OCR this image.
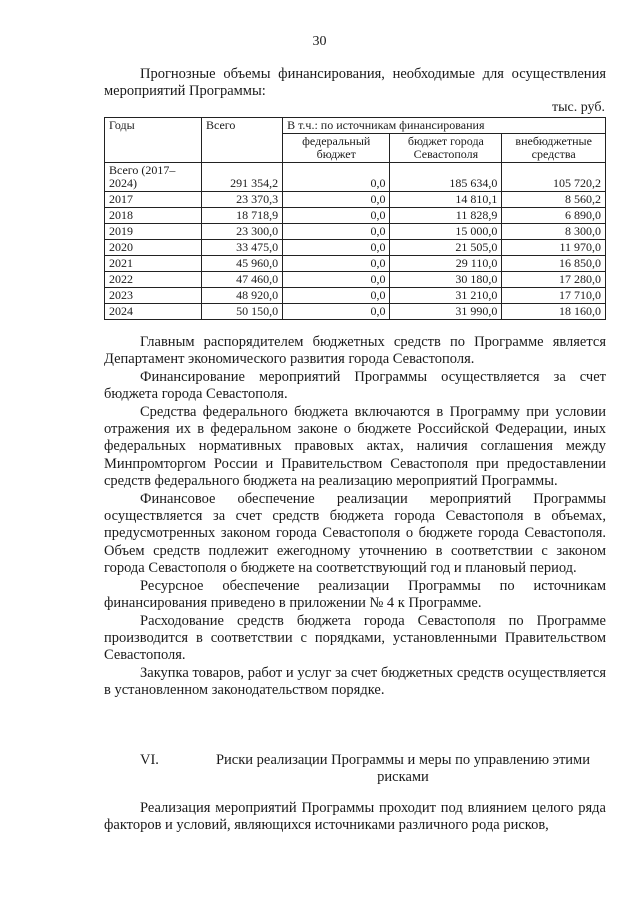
30

Прогнозные объемы финансирования, необходимые для осуществления мероприятий Программы:

тыс. руб.
Годы	Всего	В т.ч.: по источникам финансирования		
		федеральный бюджет	бюджет города Севастополя	внебюджетные средства
Всего (2017–2024)	291 354,2	0,0	185 634,0	105 720,2
2017	23 370,3	0,0	14 810,1	8 560,2
2018	18 718,9	0,0	11 828,9	6 890,0
2019	23 300,0	0,0	15 000,0	8 300,0
2020	33 475,0	0,0	21 505,0	11 970,0
2021	45 960,0	0,0	29 110,0	16 850,0
2022	47 460,0	0,0	30 180,0	17 280,0
2023	48 920,0	0,0	31 210,0	17 710,0
2024	50 150,0	0,0	31 990,0	18 160,0

Главным распорядителем бюджетных средств по Программе является Департамент экономического развития города Севастополя.

Финансирование мероприятий Программы осуществляется за счет бюджета города Севастополя.

Средства федерального бюджета включаются в Программу при условии отражения их в федеральном законе о бюджете Российской Федерации, иных федеральных нормативных правовых актах, наличия соглашения между Минпромторгом России и Правительством Севастополя при предоставлении средств федерального бюджета на реализацию мероприятий Программы.

Финансовое обеспечение реализации мероприятий Программы осуществляется за счет средств бюджета города Севастополя в объемах, предусмотренных законом города Севастополя о бюджете города Севастополя. Объем средств подлежит ежегодному уточнению в соответствии с законом города Севастополя о бюджете на соответствующий год и плановый период.

Ресурсное обеспечение реализации Программы по источникам финансирования приведено в приложении № 4 к Программе.

Расходование средств бюджета города Севастополя по Программе производится в соответствии с порядками, установленными Правительством Севастополя.

Закупка товаров, работ и услуг за счет бюджетных средств осуществляется в установленном законодательством порядке.

VI.	Риски реализации Программы и меры по управлению этими рисками

Реализация мероприятий Программы проходит под влиянием целого ряда факторов и условий, являющихся источниками различного рода рисков,
